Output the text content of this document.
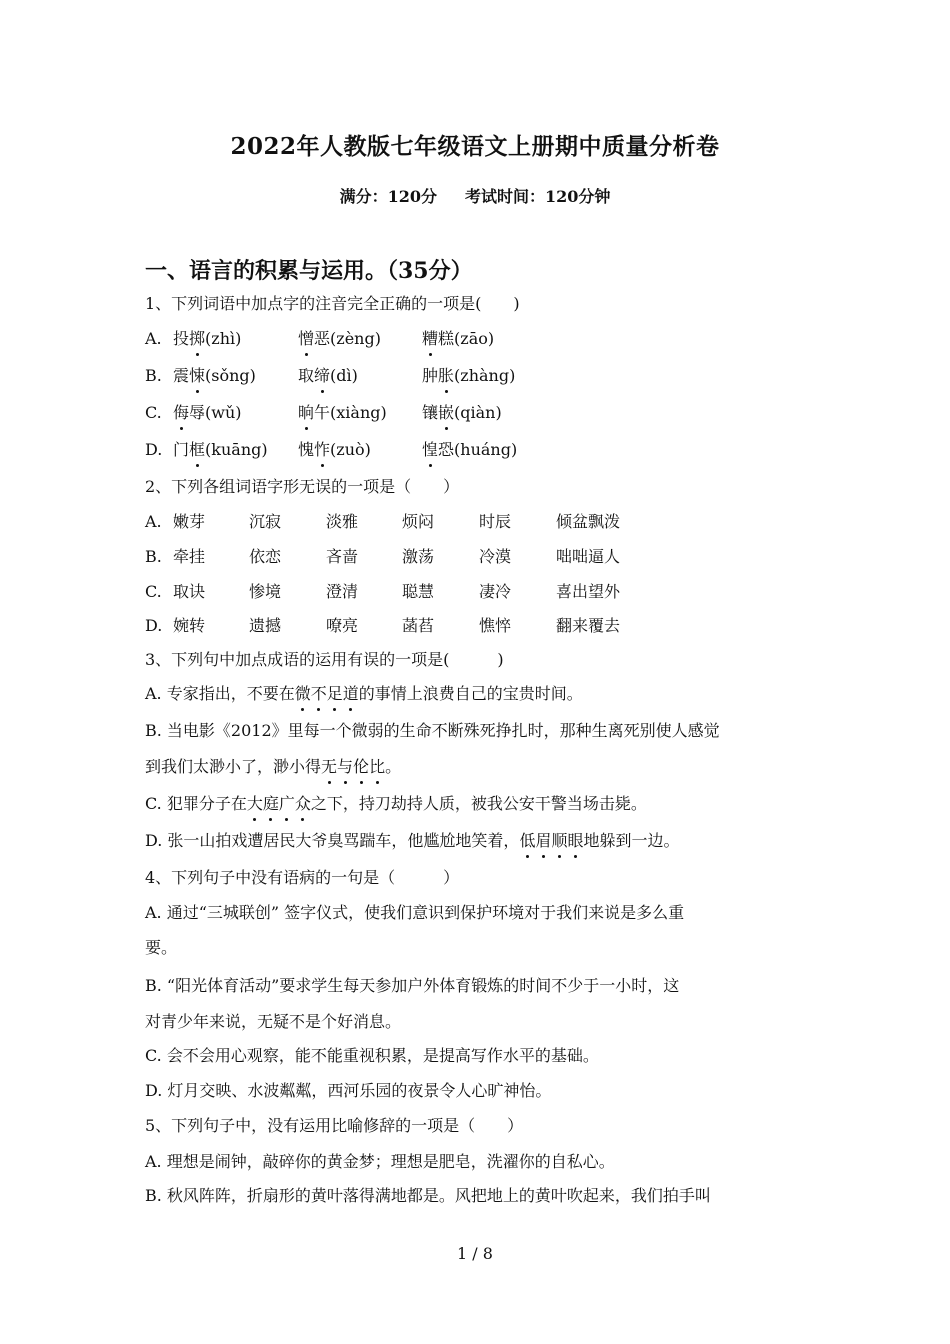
2022年人教版七年级语文上册期中质量分析卷
满分：120分 考试时间：120分钟
一、语言的积累与运用。（35分）
1、下列词语中加点字的注音完全正确的一项是(　　)
A. 投掷(zhì)	憎恶(zèng)	糟糕(zāo)
B. 震悚(sǒng)	取缔(dì)	肿胀(zhàng)
C. 侮辱(wǔ)	晌午(xiàng) 镶嵌(qiàn)
D. 门框(kuāng) 愧怍(zuò)	惶恐(huáng)
2、下列各组词语字形无误的一项是（　　）
A. 嫩芽	沉寂	淡雅	烦闷	时辰	倾盆飘泼
B. 牵挂	依恋	吝啬	激荡	冷漠	咄咄逼人
C. 取诀	惨境	澄清	聪慧	凄冷	喜出望外
D. 婉转	遗撼	嘹亮	菡萏	憔悴	翻来覆去
3、下列句中加点成语的运用有误的一项是(　　　)
A. 专家指出，不要在微不足道的事情上浪费自己的宝贵时间。
B. 当电影《2012》里每一个微弱的生命不断殊死挣扎时，那种生离死别使人感觉
到我们太渺小了，渺小得无与伦比。
C. 犯罪分子在大庭广众之下，持刀劫持人质，被我公安干警当场击毙。
D. 张一山拍戏遭居民大爷臭骂踹车，他尴尬地笑着，低眉顺眼地躲到一边。
4、下列句子中没有语病的一句是（　　　）
A. 通过“三城联创” 签字仪式，使我们意识到保护环境对于我们来说是多么重
要。
B. “阳光体育活动”要求学生每天参加户外体育锻炼的时间不少于一小时，这
对青少年来说，无疑不是个好消息。
C. 会不会用心观察，能不能重视积累，是提高写作水平的基础。
D. 灯月交映、水波粼粼，西河乐园的夜景令人心旷神怡。
5、下列句子中，没有运用比喻修辞的一项是（　　）
A. 理想是闹钟，敲碎你的黄金梦；理想是肥皂，洗濯你的自私心。
B. 秋风阵阵，折扇形的黄叶落得满地都是。风把地上的黄叶吹起来，我们拍手叫
1 / 8
